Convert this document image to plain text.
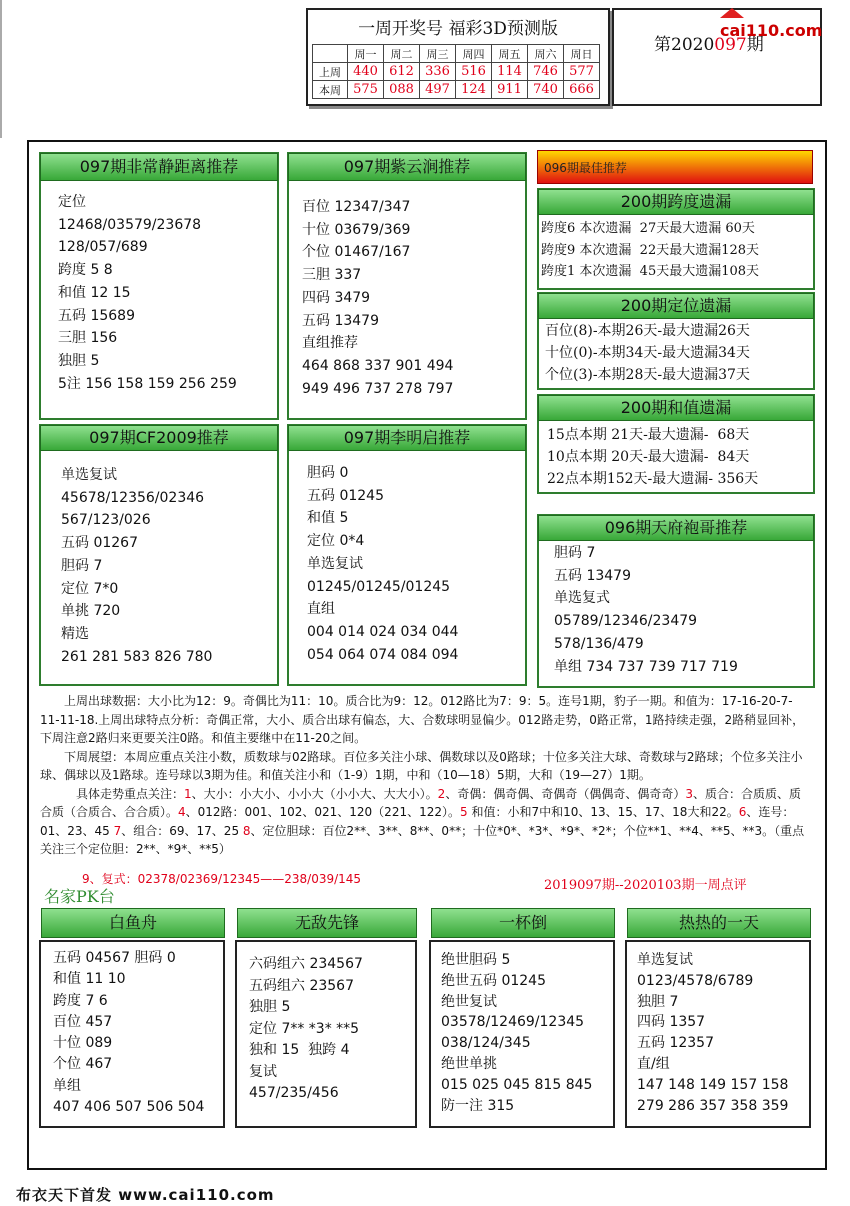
一周开奖号 福彩3D预测版
	周一	周二	周三	周四	周五	周六	周日
上周	440	612	336	516	114	746	577
本周	575	088	497	124	911	740	666
第2020097期
cai110.com
097期非常静距离推荐
定位
12468/03579/23678
128/057/689
跨度 5 8
和值 12 15
五码 15689
三胆 156
独胆 5
5注 156 158 159 256 259
097期紫云涧推荐
百位 12347/347
十位 03679/369
个位 01467/167
三胆 337
四码 3479
五码 13479
直组推荐
464 868 337 901 494
949 496 737 278 797
097期CF2009推荐
单选复试
45678/12356/02346
567/123/026
五码 01267
胆码 7
定位 7*0
单挑 720
精选
261 281 583 826 780
097期李明启推荐
胆码 0
五码 01245
和值 5
定位 0*4
单选复试
01245/01245/01245
直组
004 014 024 034 044
054 064 074 084 094
096期最佳推荐
200期跨度遗漏
跨度6 本次遗漏  27天最大遗漏 60天
跨度9 本次遗漏  22天最大遗漏128天
跨度1 本次遗漏  45天最大遗漏108天
200期定位遗漏
百位(8)-本期26天-最大遗漏26天
十位(0)-本期34天-最大遗漏34天
个位(3)-本期28天-最大遗漏37天
200期和值遗漏
15点本期 21天-最大遗漏-  68天
10点本期 20天-最大遗漏-  84天
22点本期152天-最大遗漏- 356天
096期天府袍哥推荐
胆码 7
五码 13479
单选复式
05789/12346/23479
578/136/479
单组 734 737 739 717 719
白鱼舟
五码 04567 胆码 0
和值 11 10
跨度 7 6
百位 457
十位 089
个位 467
单组
407 406 507 506 504
无敌先锋
六码组六 234567
五码组六 23567
独胆 5
定位 7** *3* **5
独和 15  独跨 4
复试
457/235/456
一杯倒
绝世胆码 5
绝世五码 01245
绝世复试
03578/12469/12345
038/124/345
绝世单挑
015 025 045 815 845
防一注 315
热热的一天
单选复试
0123/4578/6789
独胆 7
四码 1357
五码 12357
直/组
147 148 149 157 158
279 286 357 358 359

上周出球数据：大小比为12：9。奇偶比为11：10。质合比为9：12。012路比为7：9：5。连号1期，豹子一期。和值为：17-16-20-7-11-11-18.上周出球特点分析：奇偶正常，大小、质合出球有偏态，大、合数球明显偏少。012路走势，0路正常，1路持续走强，2路稍显回补，下周注意2路归来更要关注0路。和值主要继中在11-20之间。

下周展望：本周应重点关注小数，质数球与02路球。百位多关注小球、偶数球以及0路球；十位多关注大球、奇数球与2路球；个位多关注小球、偶球以及1路球。连号球以3期为佳。和值关注小和（1-9）1期，中和（10—18）5期，大和（19—27）1期。

具体走势重点关注：1、大小：小大小、小小大（小小大、大大小）。2、奇偶：偶奇偶、奇偶奇（偶偶奇、偶奇奇）3、质合：合质质、质合质（合质合、合合质）。4、012路：001、102、021、120（221、122）。5 和值：小和7中和10、13、15、17、18大和22。6、连号：01、23、45 7、组合：69、17、25 8、定位胆球：百位2**、3**、8**、0**；十位*0*、*3*、*9*、*2*；个位**1、**4、**5、**3。（重点关注三个定位胆：2**、*9*、**5）

9、复式：02378/02369/12345——238/039/145
名家PK台
2019097期--2020103期一周点评
布衣天下首发 www.cai110.com
